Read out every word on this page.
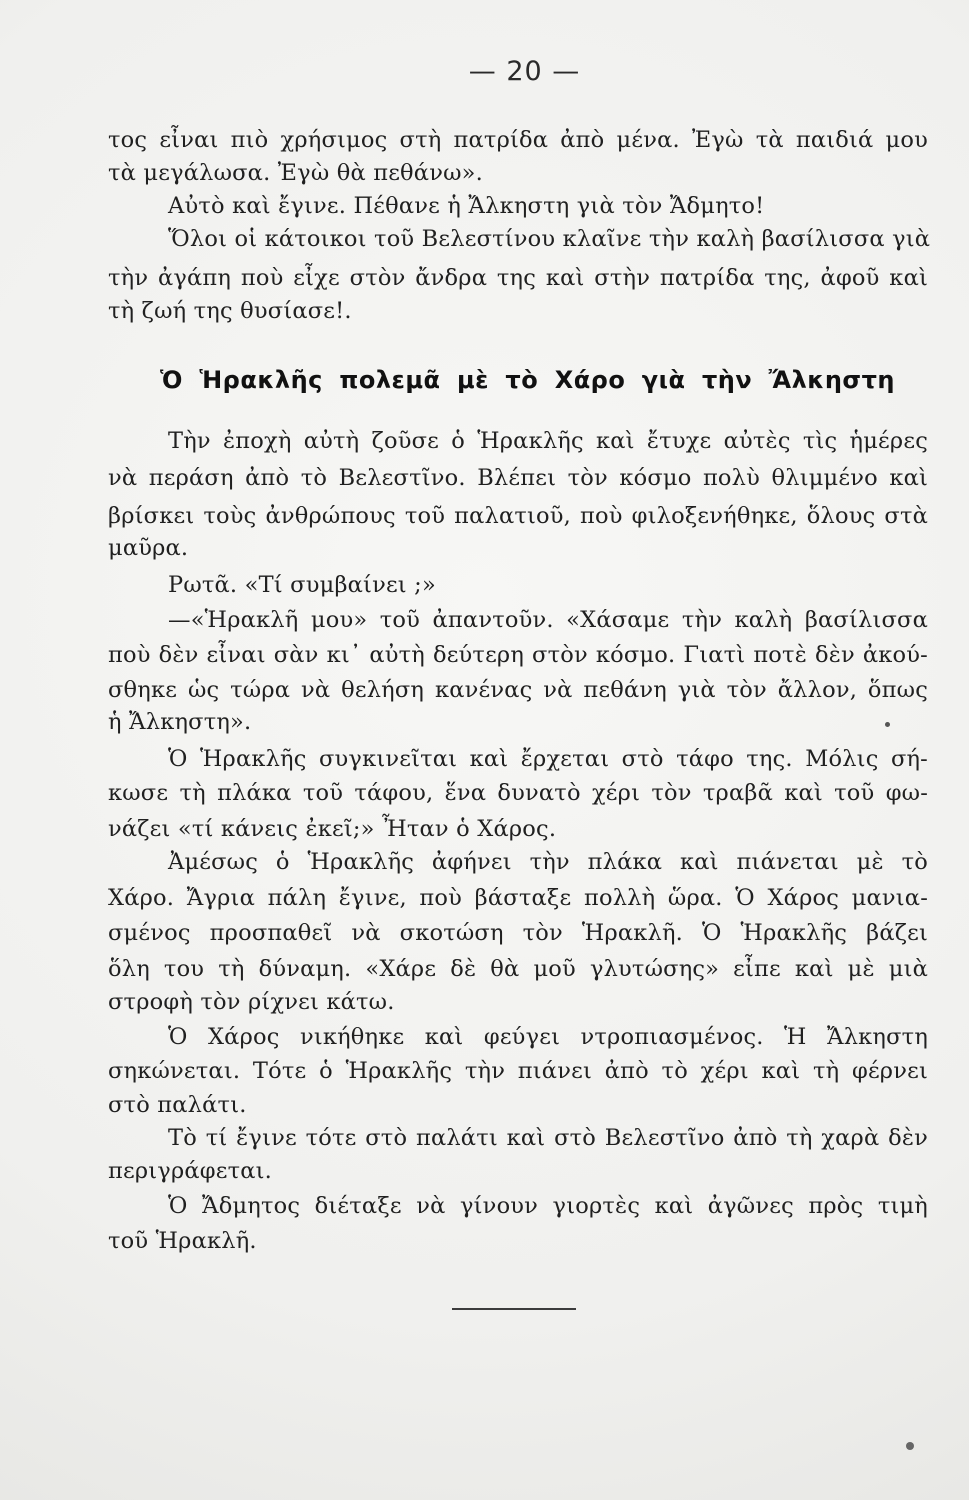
— 20 —
τος εἶναι πιὸ χρήσιμος στὴ πατρίδα ἀπὸ μένα. Ἐγὼ τὰ παιδιά μου
τὰ μεγάλωσα. Ἐγὼ θὰ πεθάνω».
Αὐτὸ καὶ ἔγινε. Πέθανε ἡ Ἄλκηστη γιὰ τὸν Ἄδμητο!
Ὅλοι οἱ κάτοικοι τοῦ Βελεστίνου κλαῖνε τὴν καλὴ βασίλισσα γιὰ
τὴν ἀγάπη ποὺ εἶχε στὸν ἄνδρα της καὶ στὴν πατρίδα της, ἀφοῦ καὶ
τὴ ζωή της θυσίασε!.
Ὁ Ἡρακλῆς πολεμᾶ μὲ τὸ Χάρο γιὰ τὴν Ἄλκηστη
Τὴν ἐποχὴ αὐτὴ ζοῦσε ὁ Ἡρακλῆς καὶ ἔτυχε αὐτὲς τὶς ἡμέρες
νὰ περάση ἀπὸ τὸ Βελεστῖνο. Βλέπει τὸν κόσμο πολὺ θλιμμένο καὶ
βρίσκει τοὺς ἀνθρώπους τοῦ παλατιοῦ, ποὺ φιλοξενήθηκε, ὅλους στὰ
μαῦρα.
Ρωτᾶ. «Τί συμβαίνει ;»
—«Ἡρακλῆ μου» τοῦ ἀπαντοῦν. «Χάσαμε τὴν καλὴ βασίλισσα
ποὺ δὲν εἶναι σὰν κι᾽ αὐτὴ δεύτερη στὸν κόσμο. Γιατὶ ποτὲ δὲν ἀκού-
σθηκε ὡς τώρα νὰ θελήση κανένας νὰ πεθάνη γιὰ τὸν ἄλλον, ὅπως
ἡ Ἄλκηστη».
Ὁ Ἡρακλῆς συγκινεῖται καὶ ἔρχεται στὸ τάφο της. Μόλις σή-
κωσε τὴ πλάκα τοῦ τάφου, ἕνα δυνατὸ χέρι τὸν τραβᾶ καὶ τοῦ φω-
νάζει «τί κάνεις ἐκεῖ;» Ἦταν ὁ Χάρος.
Ἀμέσως ὁ Ἡρακλῆς ἀφήνει τὴν πλάκα καὶ πιάνεται μὲ τὸ
Χάρο. Ἄγρια πάλη ἔγινε, ποὺ βάσταξε πολλὴ ὥρα. Ὁ Χάρος μανια-
σμένος προσπαθεῖ νὰ σκοτώση τὸν Ἡρακλῆ. Ὁ Ἡρακλῆς βάζει
ὅλη του τὴ δύναμη. «Χάρε δὲ θὰ μοῦ γλυτώσης» εἶπε καὶ μὲ μιὰ
στροφὴ τὸν ρίχνει κάτω.
Ὁ Χάρος νικήθηκε καὶ φεύγει ντροπιασμένος. Ἡ Ἄλκηστη
σηκώνεται. Τότε ὁ Ἡρακλῆς τὴν πιάνει ἀπὸ τὸ χέρι καὶ τὴ φέρνει
στὸ παλάτι.
Τὸ τί ἔγινε τότε στὸ παλάτι καὶ στὸ Βελεστῖνο ἀπὸ τὴ χαρὰ δὲν
περιγράφεται.
Ὁ Ἄδμητος διέταξε νὰ γίνουν γιορτὲς καὶ ἀγῶνες πρὸς τιμὴ
τοῦ Ἡρακλῆ.
